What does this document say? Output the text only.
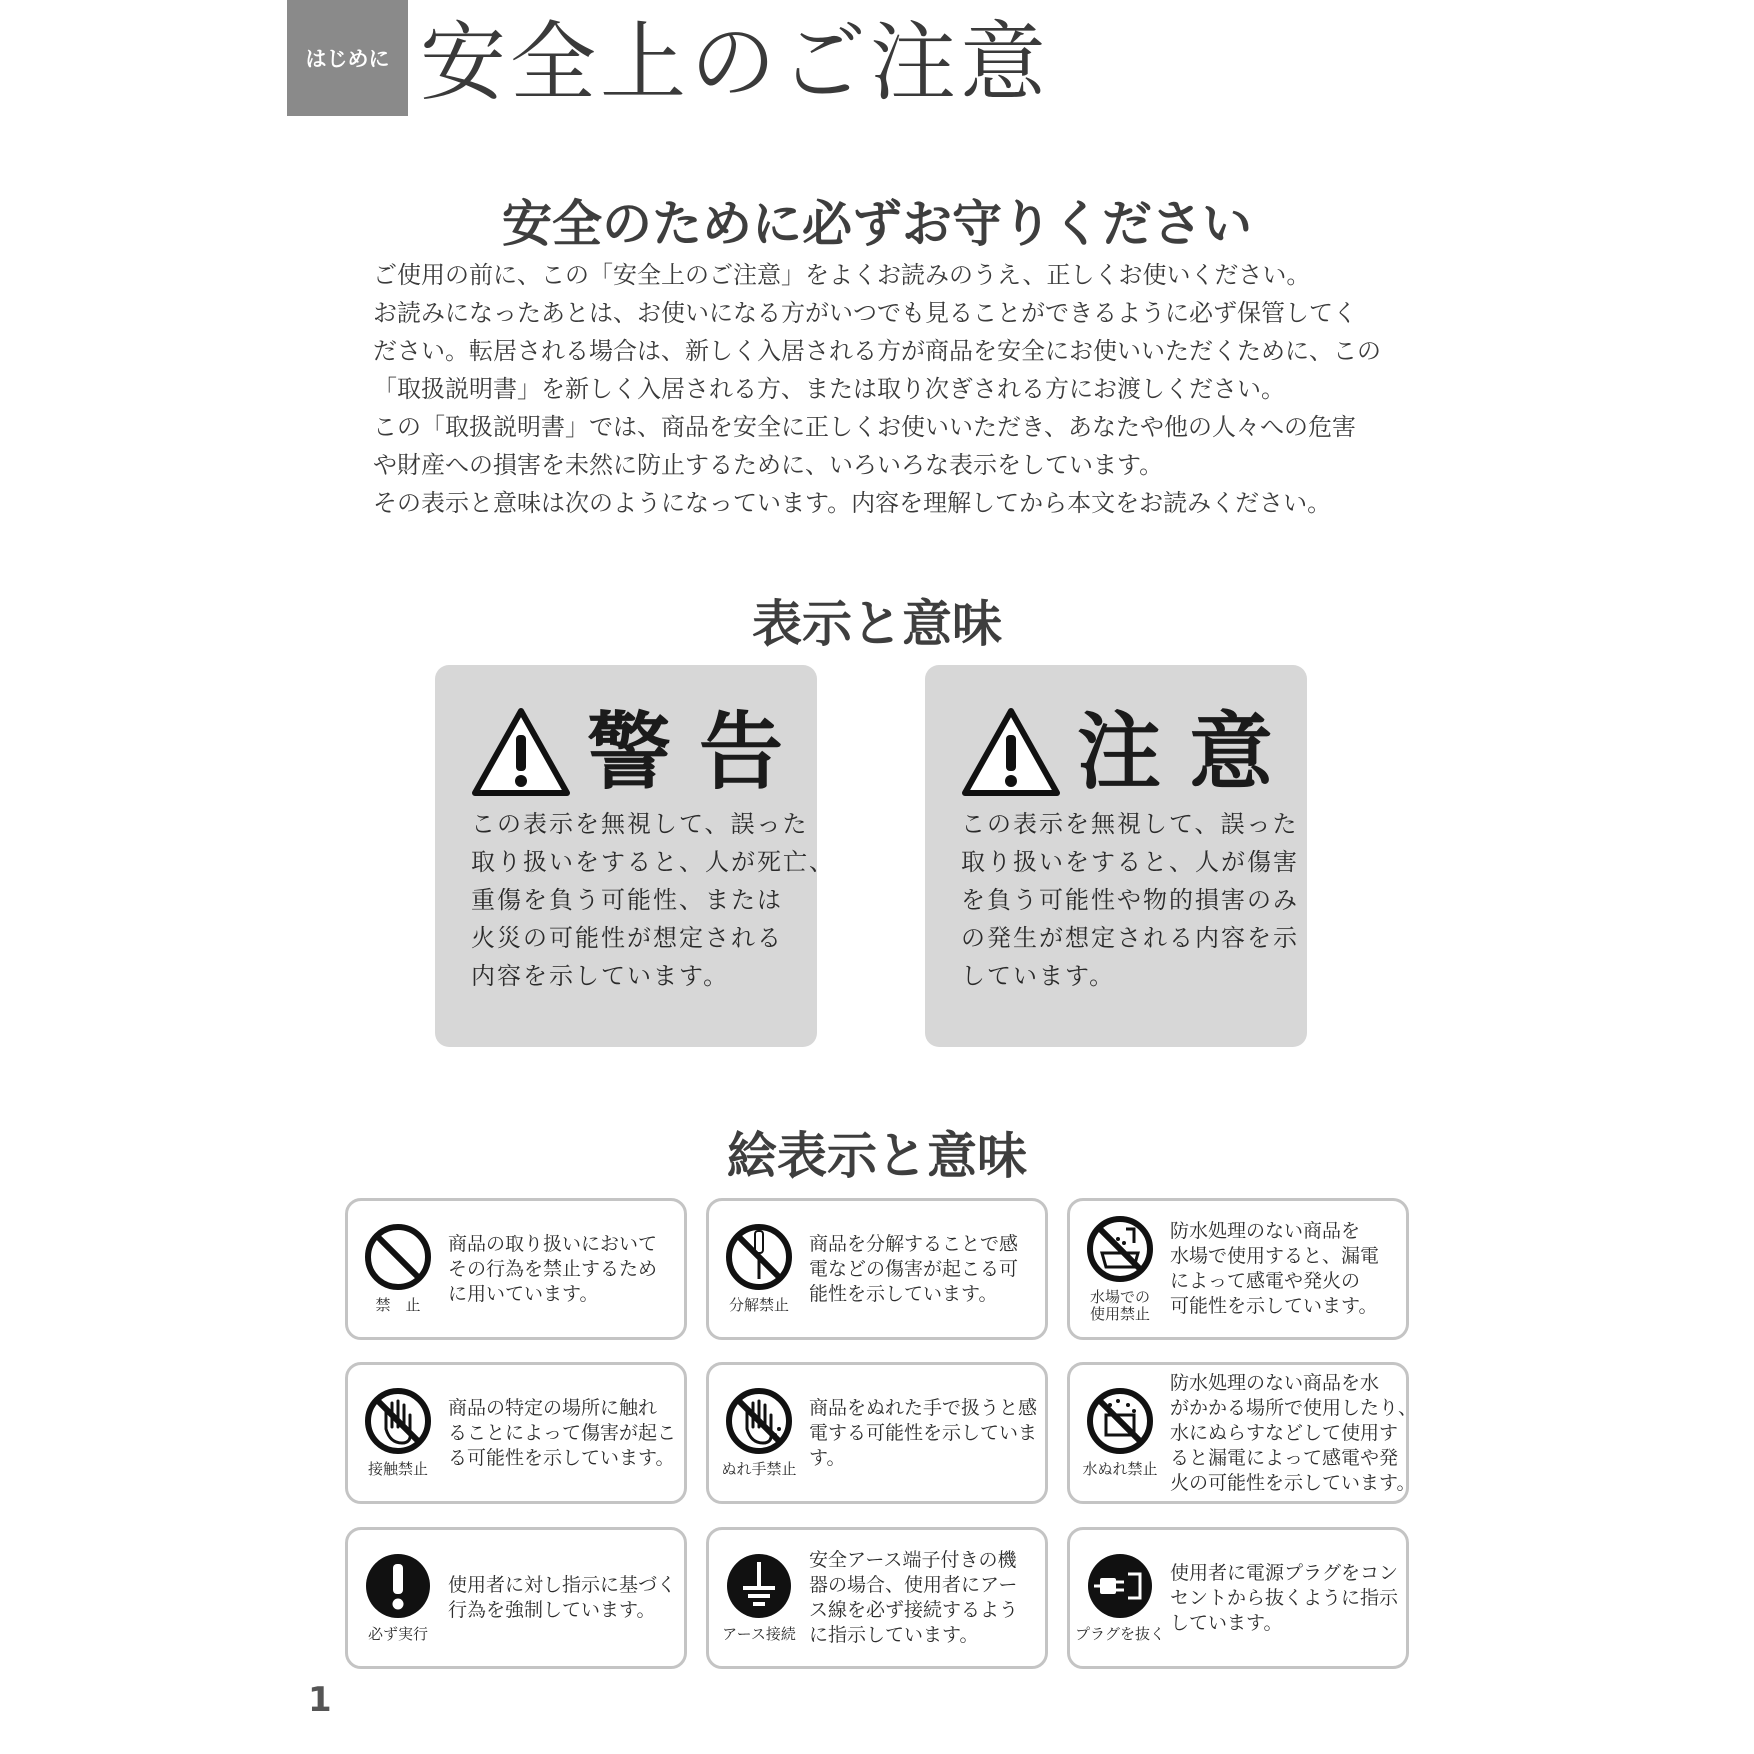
はじめに 安全上のご注意
安全のために必ずお守りください

ご使用の前に、この「安全上のご注意」をよくお読みのうえ、正しくお使いください。

お読みになったあとは、お使いになる方がいつでも見ることができるように必ず保管してく

ださい。転居される場合は、新しく入居される方が商品を安全にお使いいただくために、この

「取扱説明書」を新しく入居される方、または取り次ぎされる方にお渡しください。

この「取扱説明書」では、商品を安全に正しくお使いいただき、あなたや他の人々への危害

や財産への損害を未然に防止するために、いろいろな表示をしています。

その表示と意味は次のようになっています。内容を理解してから本文をお読みください。

表示と意味
警告

この表示を無視して、誤った

取り扱いをすると、人が死亡、

重傷を負う可能性、または

火災の可能性が想定される

内容を示しています。

注意

この表示を無視して、誤った

取り扱いをすると、人が傷害

を負う可能性や物的損害のみ

の発生が想定される内容を示

しています。

絵表示と意味
禁　止

商品の取り扱いにおいて

その行為を禁止するため

に用いています。

分解禁止

商品を分解することで感

電などの傷害が起こる可

能性を示しています。	水場での
使用禁止

防水処理のない商品を

水場で使用すると、漏電

によって感電や発火の

可能性を示しています。

接触禁止

商品の特定の場所に触れ

ることによって傷害が起こ

る可能性を示しています。

ぬれ手禁止

商品をぬれた手で扱うと感

電する可能性を示していま

す。

水ぬれ禁止

防水処理のない商品を水

がかかる場所で使用したり、

水にぬらすなどして使用す

ると漏電によって感電や発

火の可能性を示しています。

必ず実行

使用者に対し指示に基づく

行為を強制しています。

アース接続

安全アース端子付きの機

器の場合、使用者にアー

ス線を必ず接続するよう

に指示しています。	プラグを抜く

使用者に電源プラグをコン

セントから抜くように指示

しています。

1
